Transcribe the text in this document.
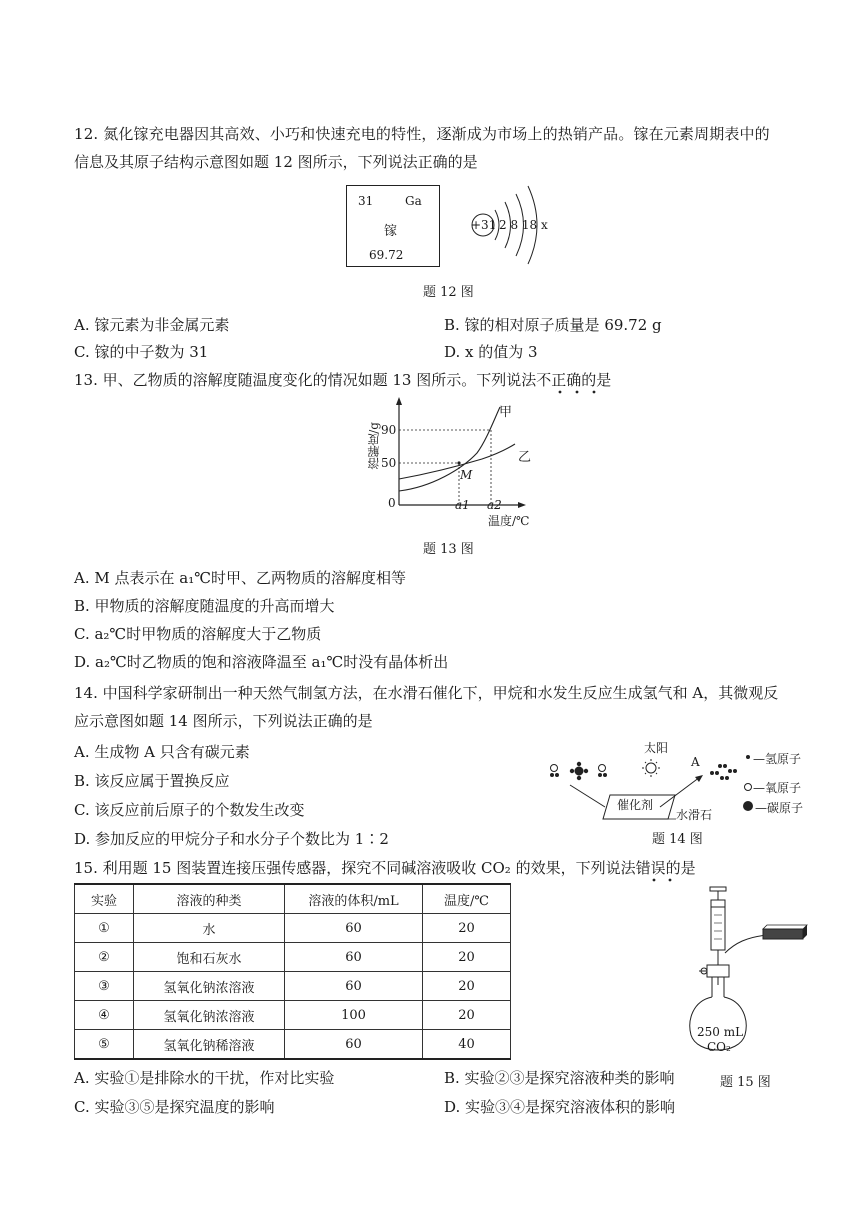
12. 氮化镓充电器因其高效、小巧和快速充电的特性，逐渐成为市场上的热销产品。镓在元素周期表中的
信息及其原子结构示意图如题 12 图所示，下列说法正确的是
31	Ga
镓
69.72
+31 2 8 18 x
题 12 图
A. 镓元素为非金属元素	B. 镓的相对原子质量是 69.72 g
C. 镓的中子数为 31	D. x 的值为 3
13. 甲、乙物质的溶解度随温度变化的情况如题 13 图所示。下列说法不正确的是
溶解度/g 90
50
0
甲
乙
M
a1 a2
温度/℃
题 13 图
A. M 点表示在 a₁℃时甲、乙两物质的溶解度相等
B. 甲物质的溶解度随温度的升高而增大
C. a₂℃时甲物质的溶解度大于乙物质
D. a₂℃时乙物质的饱和溶液降温至 a₁℃时没有晶体析出
14. 中国科学家研制出一种天然气制氢方法，在水滑石催化下，甲烷和水发生反应生成氢气和 A，其微观反
应示意图如题 14 图所示，下列说法正确的是
A. 生成物 A 只含有碳元素
B. 该反应属于置换反应
C. 该反应前后原子的个数发生改变
D. 参加反应的甲烷分子和水分子个数比为 1∶2
太阳
A
催化剂
水滑石
—氢原子
—氧原子
—碳原子
题 14 图
15. 利用题 15 图装置连接压强传感器，探究不同碱溶液吸收 CO₂ 的效果，下列说法错误的是
实验	溶液的种类	溶液的体积/mL	温度/℃
①	水	60	20
②	饱和石灰水	60	20
③	氢氧化钠浓溶液	60	20
④	氢氧化钠浓溶液	100	20
⑤	氢氧化钠稀溶液	60	40
250 mL
CO₂
题 15 图
A. 实验①是排除水的干扰，作对比实验	B. 实验②③是探究溶液种类的影响
C. 实验③⑤是探究温度的影响	D. 实验③④是探究溶液体积的影响
